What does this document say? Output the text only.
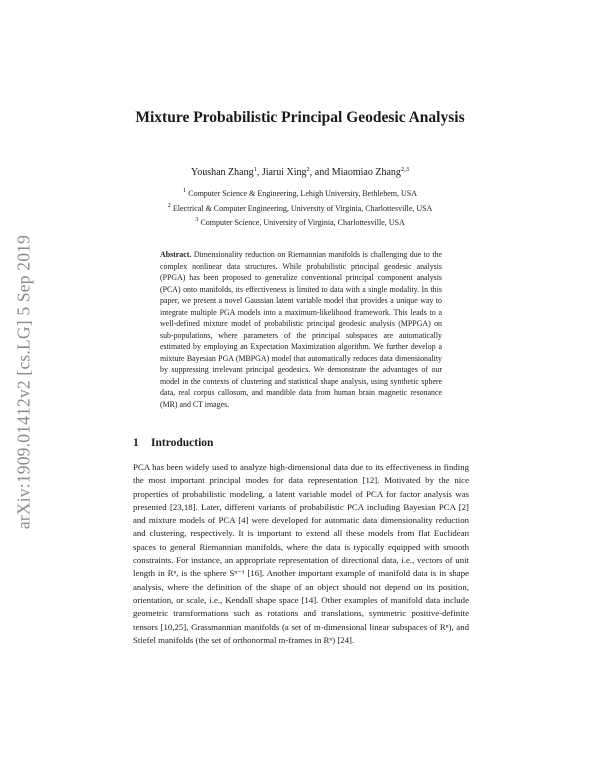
arXiv:1909.01412v2 [cs.LG] 5 Sep 2019
Mixture Probabilistic Principal Geodesic Analysis
Youshan Zhang$^1$, Jiarui Xing$^2$, and Miaomiao Zhang$^{2,3}$
$^1$ Computer Science & Engineering, Lehigh University, Bethlehem, USA
$^2$ Electrical & Computer Engineering, University of Virginia, Charlottesville, USA
$^3$ Computer Science, University of Virginia, Charlottesville, USA

Abstract. Dimensionality reduction on Riemannian manifolds is challenging due to the complex nonlinear data structures. While probabilistic principal geodesic analysis (PPGA) has been proposed to generalize conventional principal component analysis (PCA) onto manifolds, its effectiveness is limited to data with a single modality. In this paper, we present a novel Gaussian latent variable model that provides a unique way to integrate multiple PGA models into a maximum-likelihood framework. This leads to a well-defined mixture model of probabilistic principal geodesic analysis (MPPGA) on sub-populations, where parameters of the principal subspaces are automatically estimated by employing an Expectation Maximization algorithm. We further develop a mixture Bayesian PGA (MBPGA) model that automatically reduces data dimensionality by suppressing irrelevant principal geodesics. We demonstrate the advantages of our model in the contexts of clustering and statistical shape analysis, using synthetic sphere data, real corpus callosum, and mandible data from human brain magnetic resonance (MR) and CT images.

1 Introduction

PCA has been widely used to analyze high-dimensional data due to its effectiveness in finding the most important principal modes for data representation [12]. Motivated by the nice properties of probabilistic modeling, a latent variable model of PCA for factor analysis was presented [23,18]. Later, different variants of probabilistic PCA including Bayesian PCA [2] and mixture models of PCA [4] were developed for automatic data dimensionality reduction and clustering, respectively. It is important to extend all these models from flat Euclidean spaces to general Riemannian manifolds, where the data is typically equipped with smooth constraints. For instance, an appropriate representation of directional data, i.e., vectors of unit length in Rⁿ, is the sphere Sⁿ⁻¹ [16]. Another important example of manifold data is in shape analysis, where the definition of the shape of an object should not depend on its position, orientation, or scale, i.e., Kendall shape space [14]. Other examples of manifold data include geometric transformations such as rotations and translations, symmetric positive-definite tensors [10,25], Grassmannian manifolds (a set of m-dimensional linear subspaces of Rⁿ), and Stiefel manifolds (the set of orthonormal m-frames in Rⁿ) [24].
